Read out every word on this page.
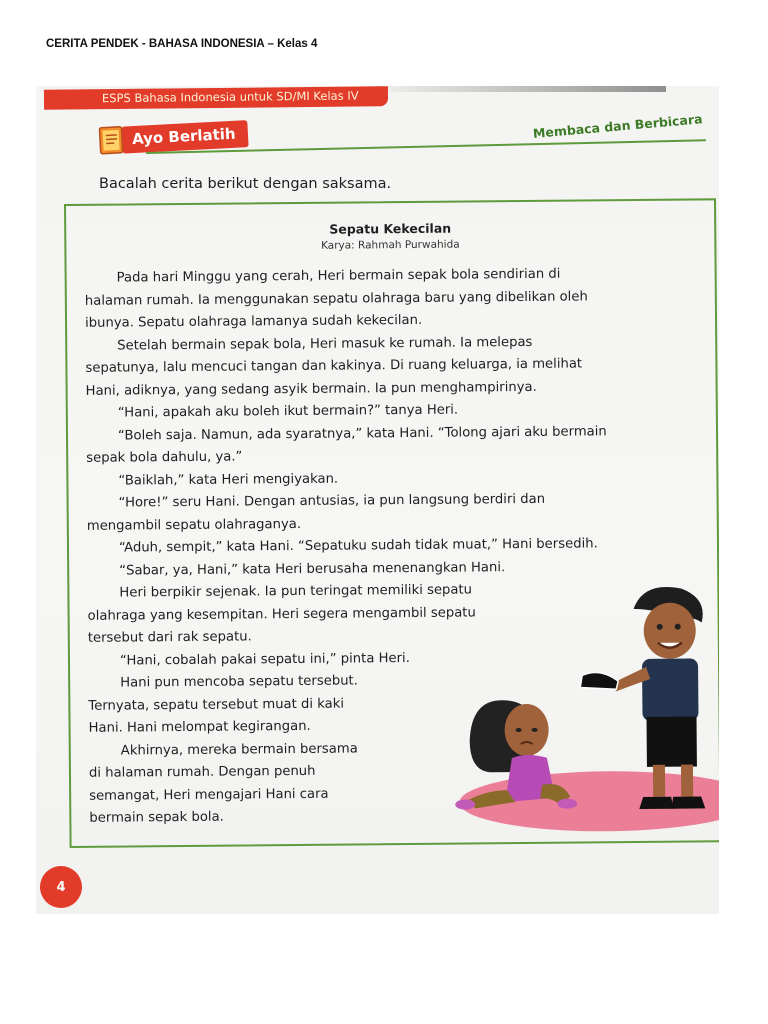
CERITA PENDEK - BAHASA INDONESIA – Kelas 4
ESPS Bahasa Indonesia untuk SD/MI Kelas IV
Ayo Berlatih	Membaca dan Berbicara
Bacalah cerita berikut dengan saksama.
Sepatu Kekecilan
Karya: Rahmah Purwahida

Pada hari Minggu yang cerah, Heri bermain sepak bola sendirian di
halaman rumah. Ia menggunakan sepatu olahraga baru yang dibelikan oleh
ibunya. Sepatu olahraga lamanya sudah kekecilan.

Setelah bermain sepak bola, Heri masuk ke rumah. Ia melepas
sepatunya, lalu mencuci tangan dan kakinya. Di ruang keluarga, ia melihat
Hani, adiknya, yang sedang asyik bermain. Ia pun menghampirinya.

“Hani, apakah aku boleh ikut bermain?” tanya Heri.

“Boleh saja. Namun, ada syaratnya,” kata Hani. “Tolong ajari aku bermain
sepak bola dahulu, ya.”

“Baiklah,” kata Heri mengiyakan.

“Hore!” seru Hani. Dengan antusias, ia pun langsung berdiri dan
mengambil sepatu olahraganya.

“Aduh, sempit,” kata Hani. “Sepatuku sudah tidak muat,” Hani bersedih.

“Sabar, ya, Hani,” kata Heri berusaha menenangkan Hani.

Heri berpikir sejenak. Ia pun teringat memiliki sepatu
olahraga yang kesempitan. Heri segera mengambil sepatu
tersebut dari rak sepatu.

“Hani, cobalah pakai sepatu ini,” pinta Heri.

Hani pun mencoba sepatu tersebut.
Ternyata, sepatu tersebut muat di kaki
Hani. Hani melompat kegirangan.

Akhirnya, mereka bermain bersama
di halaman rumah. Dengan penuh
semangat, Heri mengajari Hani cara
bermain sepak bola.

4
